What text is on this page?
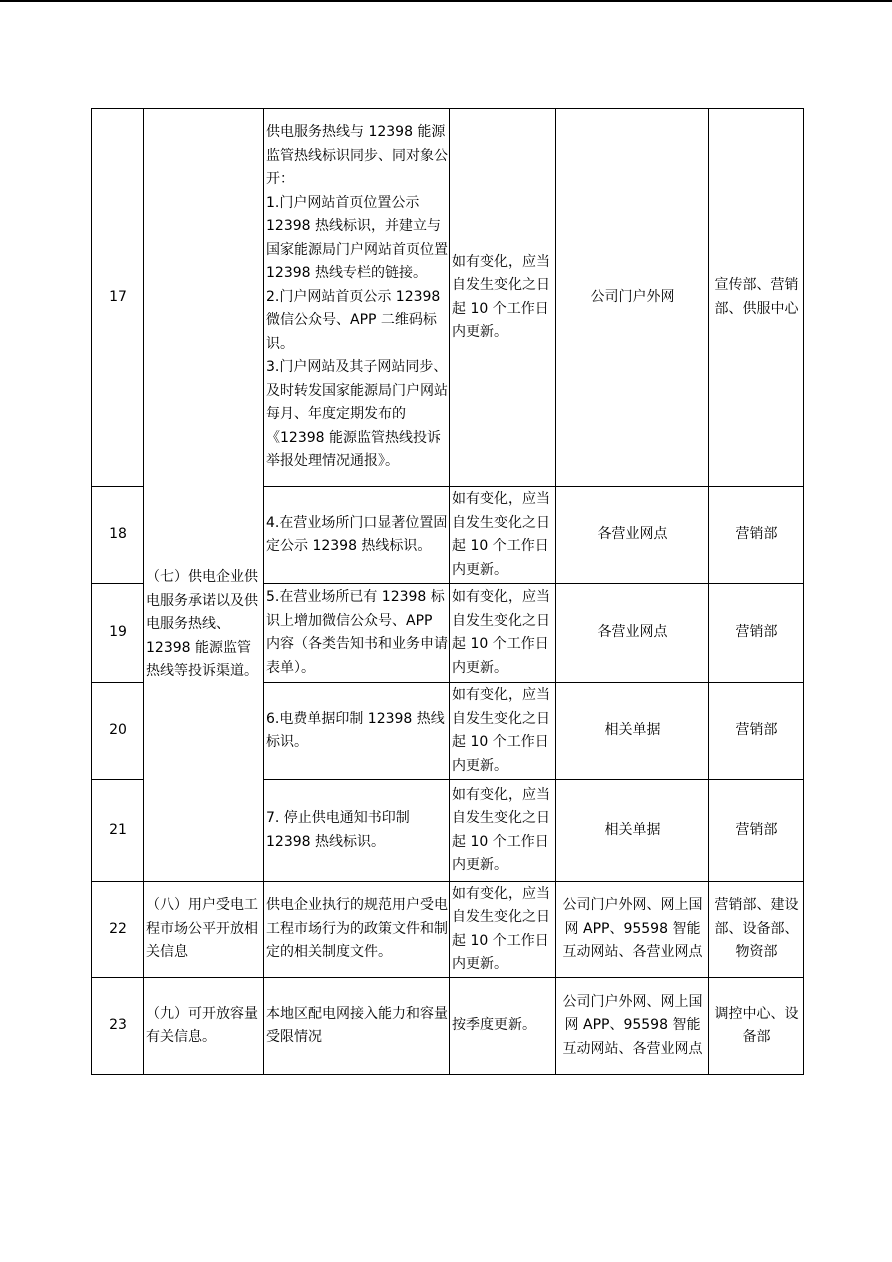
17	（七）供电企业供电服务承诺以及供电服务热线、12398 能源监管热线等投诉渠道。	供电服务热线与 12398 能源监管热线标识同步、同对象公开：
1.门户网站首页位置公示 12398 热线标识，并建立与国家能源局门户网站首页位置 12398 热线专栏的链接。
2.门户网站首页公示 12398 微信公众号、APP 二维码标识。
3.门户网站及其子网站同步、及时转发国家能源局门户网站每月、年度定期发布的《12398 能源监管热线投诉举报处理情况通报》。	如有变化，应当自发生变化之日起 10 个工作日内更新。	公司门户外网	宣传部、营销部、供服中心
18		4.在营业场所门口显著位置固定公示 12398 热线标识。	如有变化，应当自发生变化之日起 10 个工作日内更新。	各营业网点	营销部
19		5.在营业场所已有 12398 标识上增加微信公众号、APP 内容（各类告知书和业务申请表单）。	如有变化，应当自发生变化之日起 10 个工作日内更新。	各营业网点	营销部
20		6.电费单据印制 12398 热线标识。	如有变化，应当自发生变化之日起 10 个工作日内更新。	相关单据	营销部
21		7. 停止供电通知书印制 12398 热线标识。	如有变化，应当自发生变化之日起 10 个工作日内更新。	相关单据	营销部
22	（八）用户受电工程市场公平开放相关信息	供电企业执行的规范用户受电工程市场行为的政策文件和制定的相关制度文件。	如有变化，应当自发生变化之日起 10 个工作日内更新。	公司门户外网、网上国网 APP、95598 智能互动网站、各营业网点	营销部、建设部、设备部、物资部
23	（九）可开放容量有关信息。	本地区配电网接入能力和容量受限情况	按季度更新。	公司门户外网、网上国网 APP、95598 智能互动网站、各营业网点	调控中心、设备部
